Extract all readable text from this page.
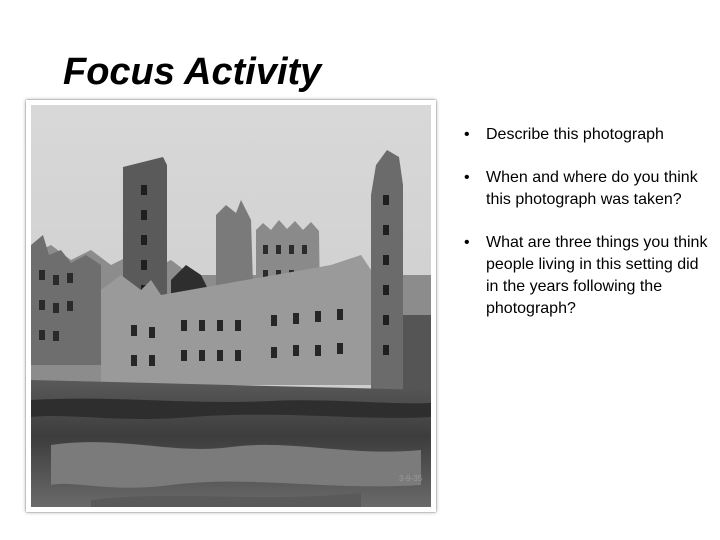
Focus Activity
3-9-35
• Describe this photograph
• When and where do you think this photograph was taken?
• What are three things you think people living in this setting did in the years following the photograph?
